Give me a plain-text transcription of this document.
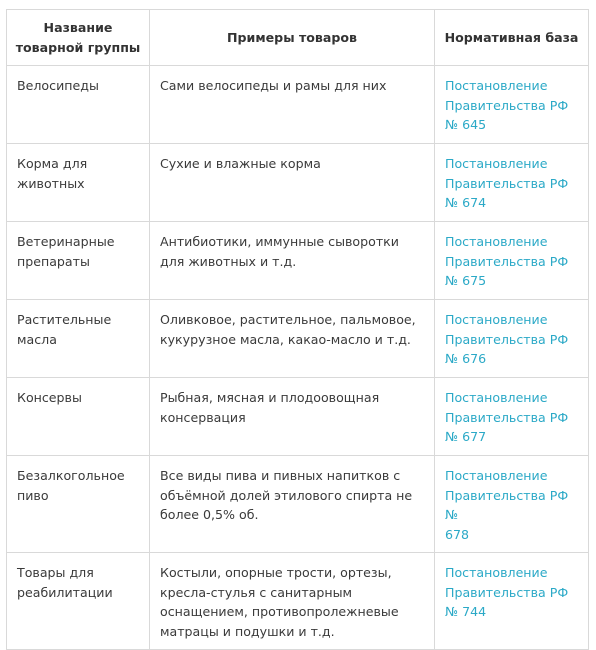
Название
товарной группы	Примеры товаров	Нормативная база

Велосипеды	Сами велосипеды и рамы для них	Постановление
Правительства РФ
№ 645

Корма для
животных	Сухие и влажные корма	Постановление
Правительства РФ
№ 674

Ветеринарные
препараты	Антибиотики, иммунные сыворотки
для животных и т.д.	Постановление
Правительства РФ
№ 675

Растительные
масла	Оливковое, растительное, пальмовое,
кукурузное масла, какао-масло и т.д.	Постановление
Правительства РФ
№ 676

Консервы	Рыбная, мясная и плодоовощная
консервация	Постановление
Правительства РФ
№ 677

Безалкогольное
пиво	Все виды пива и пивных напитков с
объёмной долей этилового спирта не
более 0,5% об.	Постановление
Правительства РФ №
678

Товары для
реабилитации	Костыли, опорные трости, ортезы,
кресла-стулья с санитарным
оснащением, противопролежневые
матрацы и подушки и т.д.	Постановление
Правительства РФ
№ 744
